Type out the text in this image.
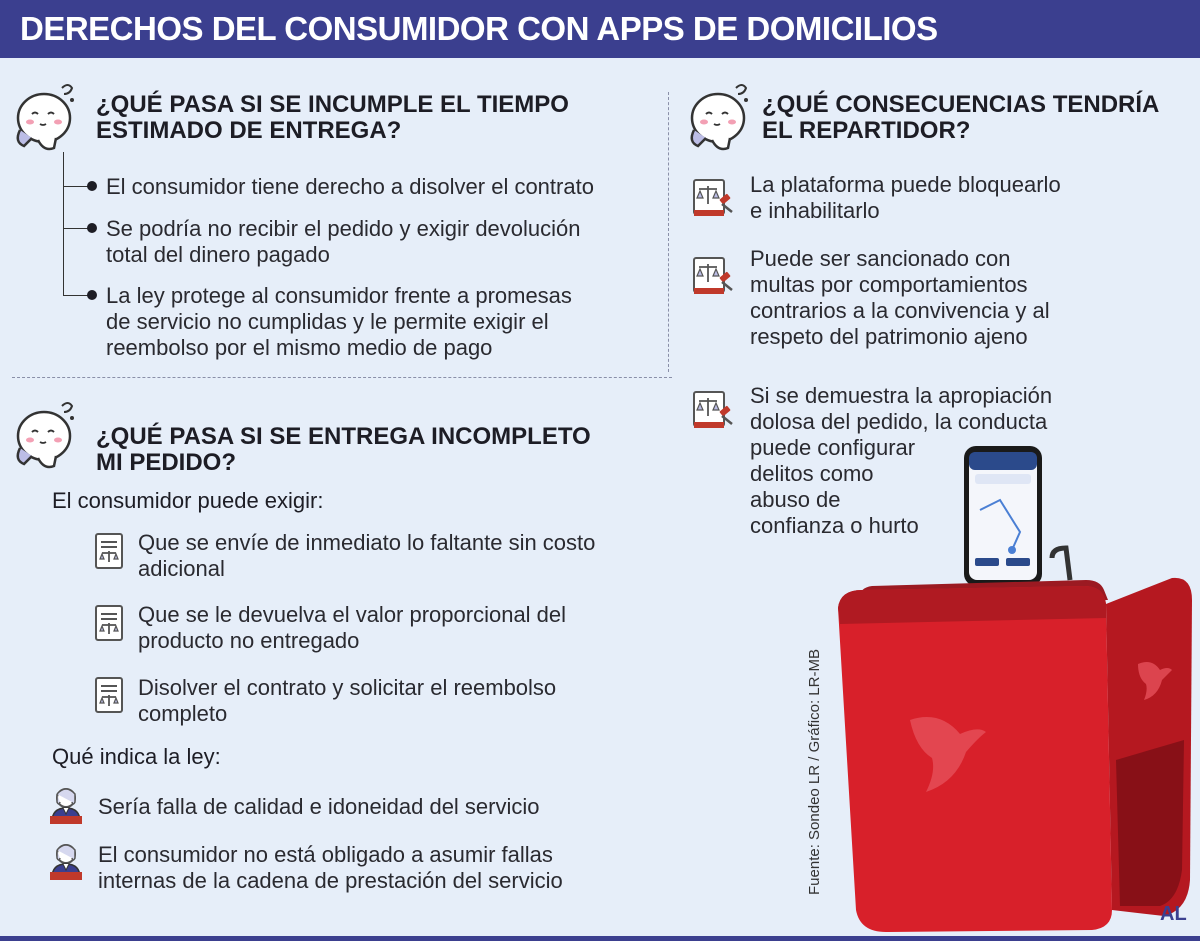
DERECHOS DEL CONSUMIDOR CON APPS DE DOMICILIOS
¿QUÉ PASA SI SE INCUMPLE EL TIEMPO
ESTIMADO DE ENTREGA?
El consumidor tiene derecho a disolver el contrato
Se podría no recibir el pedido y exigir devolución
total del dinero pagado
La ley protege al consumidor frente a promesas
de servicio no cumplidas y le permite exigir el
reembolso por el mismo medio de pago
¿QUÉ PASA SI SE ENTREGA INCOMPLETO
MI PEDIDO?
El consumidor puede exigir:
Que se envíe de inmediato lo faltante sin costo
adicional
Que se le devuelva el valor proporcional del
producto no entregado
Disolver el contrato y solicitar el reembolso
completo
Qué indica la ley:
Sería falla de calidad e idoneidad del servicio
El consumidor no está obligado a asumir fallas
internas de la cadena de prestación del servicio
¿QUÉ CONSECUENCIAS TENDRÍA
EL REPARTIDOR?
La plataforma puede bloquearlo
e inhabilitarlo
Puede ser sancionado con
multas por comportamientos
contrarios a la convivencia y al
respeto del patrimonio ajeno
Si se demuestra la apropiación
dolosa del pedido, la conducta
puede configurar
delitos como
abuso de
confianza o hurto
Fuente: Sondeo LR / Gráfico: LR-MB
AL
